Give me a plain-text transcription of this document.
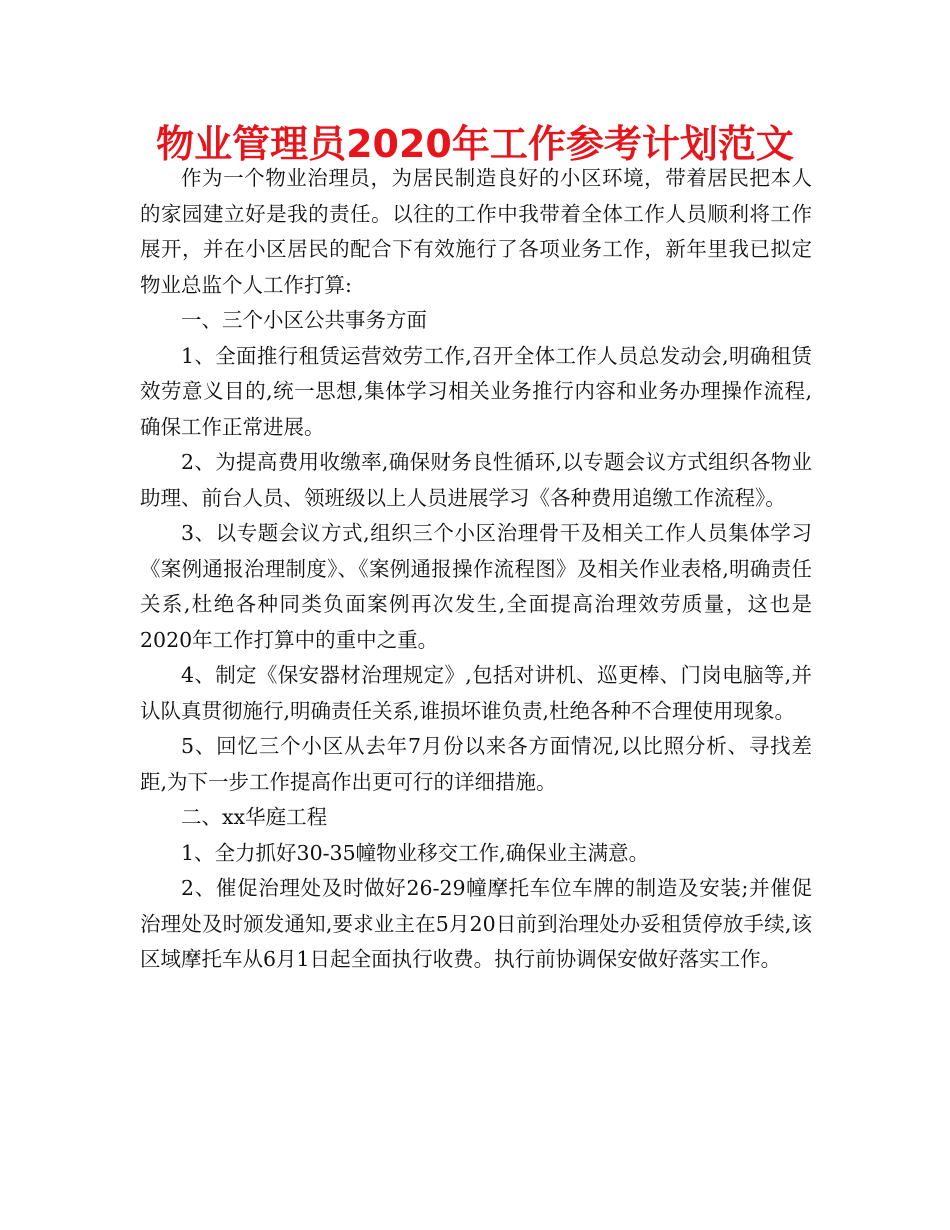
物业管理员2020年工作参考计划范文

作为一个物业治理员，为居民制造良好的小区环境，带着居民把本人的家园建立好是我的责任。以往的工作中我带着全体工作人员顺利将工作展开，并在小区居民的配合下有效施行了各项业务工作，新年里我已拟定物业总监个人工作打算:

一、三个小区公共事务方面

1、全面推行租赁运营效劳工作,召开全体工作人员总发动会,明确租赁效劳意义目的,统一思想,集体学习相关业务推行内容和业务办理操作流程,确保工作正常进展。

2、为提高费用收缴率,确保财务良性循环,以专题会议方式组织各物业助理、前台人员、领班级以上人员进展学习《各种费用追缴工作流程》。

3、以专题会议方式,组织三个小区治理骨干及相关工作人员集体学习《案例通报治理制度》、《案例通报操作流程图》及相关作业表格,明确责任关系,杜绝各种同类负面案例再次发生,全面提高治理效劳质量，这也是2020年工作打算中的重中之重。

4、制定《保安器材治理规定》,包括对讲机、巡更棒、门岗电脑等,并认队真贯彻施行,明确责任关系,谁损坏谁负责,杜绝各种不合理使用现象。

5、回忆三个小区从去年7月份以来各方面情况,以比照分析、寻找差距,为下一步工作提高作出更可行的详细措施。

二、xx华庭工程

1、全力抓好30-35幢物业移交工作,确保业主满意。

2、催促治理处及时做好26-29幢摩托车位车牌的制造及安装;并催促治理处及时颁发通知,要求业主在5月20日前到治理处办妥租赁停放手续,该区域摩托车从6月1日起全面执行收费。执行前协调保安做好落实工作。
